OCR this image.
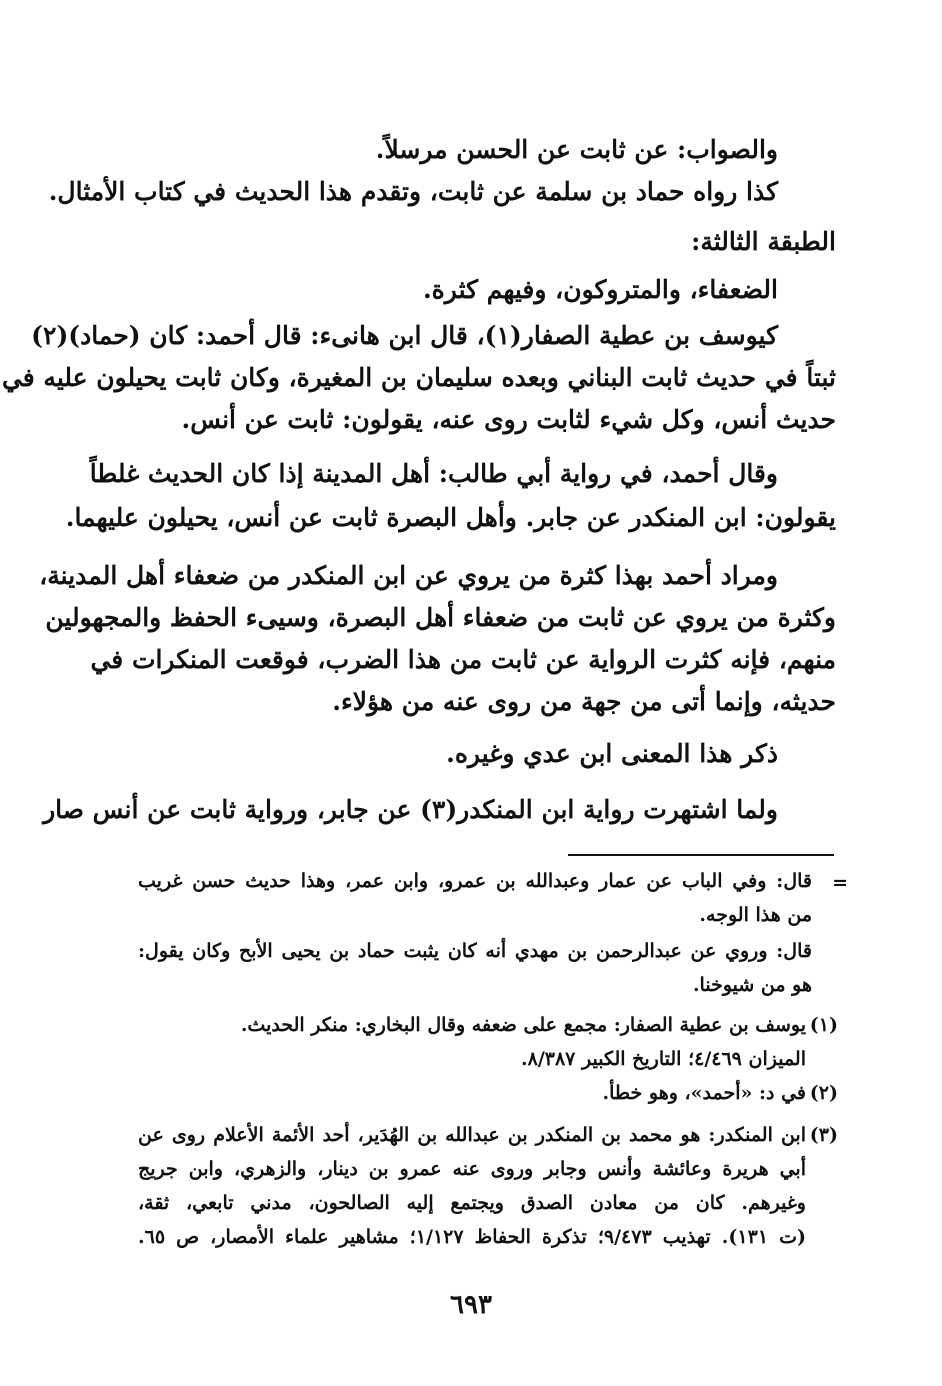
والصواب: عن ثابت عن الحسن مرسلاً.
كذا رواه حماد بن سلمة عن ثابت، وتقدم هذا الحديث في كتاب الأمثال.
الطبقة الثالثة:
الضعفاء، والمتروكون، وفيهم كثرة.
كيوسف بن عطية الصفار(١)، قال ابن هانىء: قال أحمد: كان (حماد)(٢)
ثبتاً في حديث ثابت البناني وبعده سليمان بن المغيرة، وكان ثابت يحيلون عليه في
حديث أنس، وكل شيء لثابت روى عنه، يقولون: ثابت عن أنس.
وقال أحمد، في رواية أبي طالب: أهل المدينة إذا كان الحديث غلطاً
يقولون: ابن المنكدر عن جابر. وأهل البصرة ثابت عن أنس، يحيلون عليهما.
ومراد أحمد بهذا كثرة من يروي عن ابن المنكدر من ضعفاء أهل المدينة،
وكثرة من يروي عن ثابت من ضعفاء أهل البصرة، وسيىء الحفظ والمجهولين
منهم، فإنه كثرت الرواية عن ثابت من هذا الضرب، فوقعت المنكرات في
حديثه، وإنما أتى من جهة من روى عنه من هؤلاء.
ذكر هذا المعنى ابن عدي وغيره.
ولما اشتهرت رواية ابن المنكدر(٣) عن جابر، ورواية ثابت عن أنس صار
=
قال: وفي الباب عن عمار وعبدالله بن عمرو، وابن عمر، وهذا حديث حسن غريب
من هذا الوجه.
قال: وروي عن عبدالرحمن بن مهدي أنه كان يثبت حماد بن يحيى الأبح وكان يقول:
هو من شيوخنا.
(١)
يوسف بن عطية الصفار: مجمع على ضعفه وقال البخاري: منكر الحديث.
الميزان ٤/٤٦٩؛ التاريخ الكبير ٨/٣٨٧.
(٢)
في د: «أحمد»، وهو خطأ.
(٣)
ابن المنكدر: هو محمد بن المنكدر بن عبدالله بن الهُدَير، أحد الأئمة الأعلام روى عن
أبي هريرة وعائشة وأنس وجابر وروى عنه عمرو بن دينار، والزهري، وابن جريج
وغيرهم. كان من معادن الصدق ويجتمع إليه الصالحون، مدني تابعي، ثقة،
(ت ١٣١). تهذيب ٩/٤٧٣؛ تذكرة الحفاظ ١/١٢٧؛ مشاهير علماء الأمصار، ص ٦٥.
٦٩٣
